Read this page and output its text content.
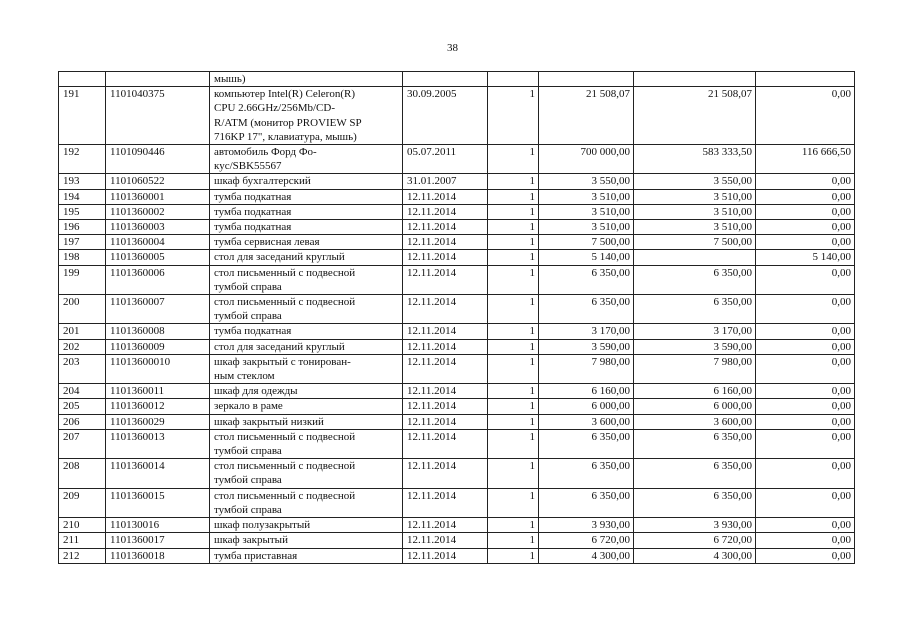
38
		мышь)					
191	1101040375	компьютер Intel(R) Celeron(R)
CPU 2.66GHz/256Mb/CD-
R/ATM (монитор PROVIEW SP
716KP 17", клавиатура, мышь)	30.09.2005	1	21 508,07	21 508,07	0,00
192	1101090446	автомобиль Форд Фо-
кус/SBK55567	05.07.2011	1	700 000,00	583 333,50	116 666,50
193	1101060522	шкаф бухгалтерский	31.01.2007	1	3 550,00	3 550,00	0,00
194	1101360001	тумба подкатная	12.11.2014	1	3 510,00	3 510,00	0,00
195	1101360002	тумба подкатная	12.11.2014	1	3 510,00	3 510,00	0,00
196	1101360003	тумба подкатная	12.11.2014	1	3 510,00	3 510,00	0,00
197	1101360004	тумба сервисная левая	12.11.2014	1	7 500,00	7 500,00	0,00
198	1101360005	стол для заседаний круглый	12.11.2014	1	5 140,00		5 140,00
199	1101360006	стол письменный с подвесной
тумбой справа	12.11.2014	1	6 350,00	6 350,00	0,00
200	1101360007	стол письменный с подвесной
тумбой справа	12.11.2014	1	6 350,00	6 350,00	0,00
201	1101360008	тумба подкатная	12.11.2014	1	3 170,00	3 170,00	0,00
202	1101360009	стол для заседаний круглый	12.11.2014	1	3 590,00	3 590,00	0,00
203	11013600010	шкаф закрытый с тонирован-
ным стеклом	12.11.2014	1	7 980,00	7 980,00	0,00
204	1101360011	шкаф для одежды	12.11.2014	1	6 160,00	6 160,00	0,00
205	1101360012	зеркало в раме	12.11.2014	1	6 000,00	6 000,00	0,00
206	1101360029	шкаф закрытый низкий	12.11.2014	1	3 600,00	3 600,00	0,00
207	1101360013	стол письменный с подвесной
тумбой справа	12.11.2014	1	6 350,00	6 350,00	0,00
208	1101360014	стол письменный с подвесной
тумбой справа	12.11.2014	1	6 350,00	6 350,00	0,00
209	1101360015	стол письменный с подвесной
тумбой справа	12.11.2014	1	6 350,00	6 350,00	0,00
210	110130016	шкаф полузакрытый	12.11.2014	1	3 930,00	3 930,00	0,00
211	1101360017	шкаф закрытый	12.11.2014	1	6 720,00	6 720,00	0,00
212	1101360018	тумба приставная	12.11.2014	1	4 300,00	4 300,00	0,00
